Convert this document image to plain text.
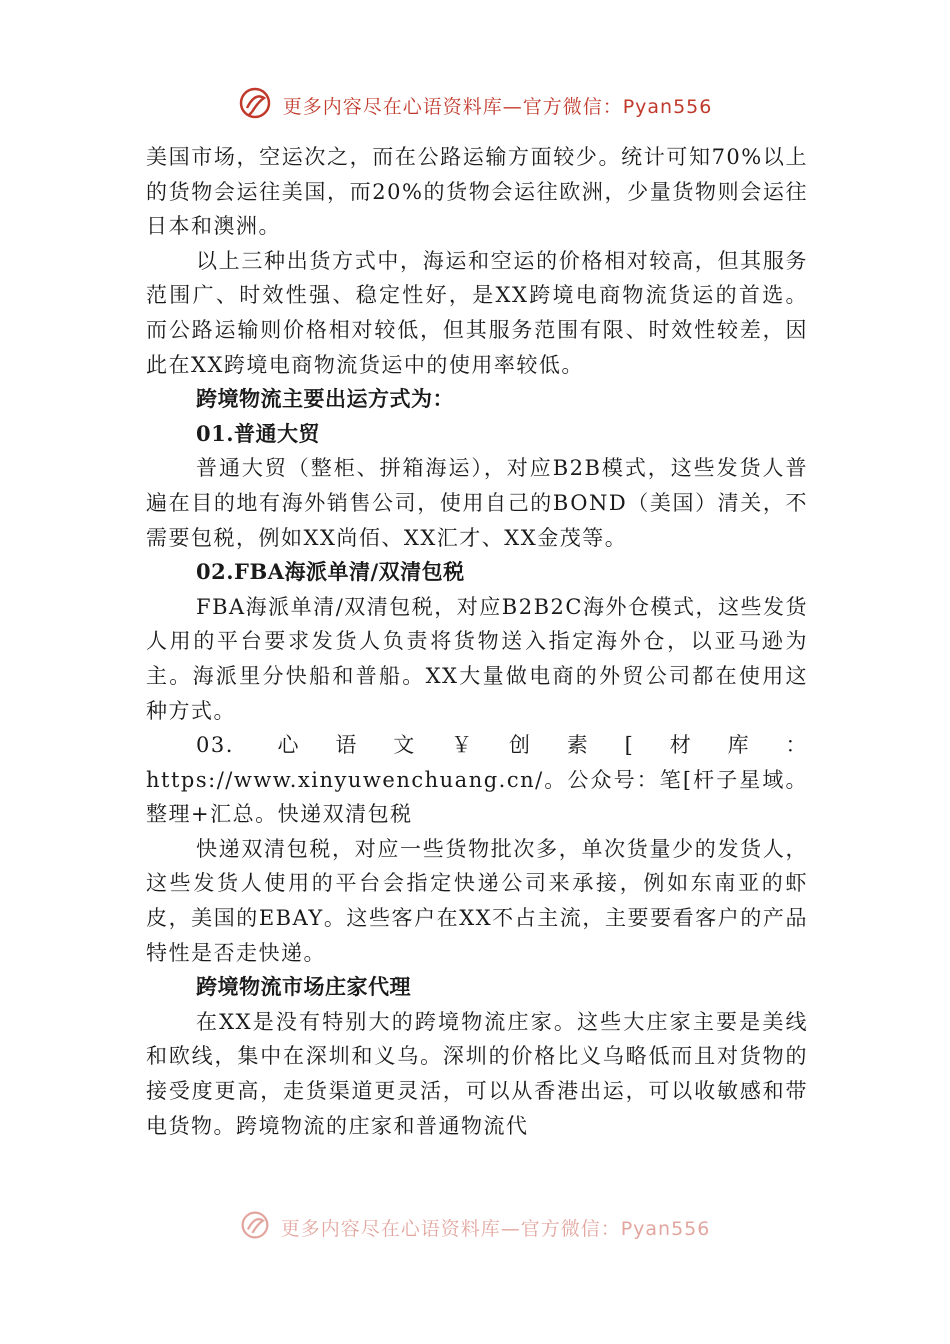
更多内容尽在心语资料库—官方微信：Pyan556

美国市场，空运次之，而在公路运输方面较少。统计可知70%以上的货物会运往美国，而20%的货物会运往欧洲，少量货物则会运往日本和澳洲。

以上三种出货方式中，海运和空运的价格相对较高，但其服务范围广、时效性强、稳定性好，是XX跨境电商物流货运的首选。而公路运输则价格相对较低，但其服务范围有限、时效性较差，因此在XX跨境电商物流货运中的使用率较低。

跨境物流主要出运方式为：

01.普通大贸

普通大贸（整柜、拼箱海运），对应B2B模式，这些发货人普遍在目的地有海外销售公司，使用自己的BOND（美国）清关，不需要包税，例如XX尚佰、XX汇才、XX金茂等。

02.FBA海派单清/双清包税

FBA海派单清/双清包税，对应B2B2C海外仓模式，这些发货人用的平台要求发货人负责将货物送入指定海外仓，以亚马逊为主。海派里分快船和普船。XX大量做电商的外贸公司都在使用这种方式。

03. 心语文￥创素[材库：https://www.xinyuwenchuang.cn/。公众号：笔[杆子星域。整理+汇总。快递双清包税

快递双清包税，对应一些货物批次多，单次货量少的发货人，这些发货人使用的平台会指定快递公司来承接，例如东南亚的虾皮，美国的EBAY。这些客户在XX不占主流，主要要看客户的产品特性是否走快递。

跨境物流市场庄家代理

在XX是没有特别大的跨境物流庄家。这些大庄家主要是美线和欧线，集中在深圳和义乌。深圳的价格比义乌略低而且对货物的接受度更高，走货渠道更灵活，可以从香港出运，可以收敏感和带电货物。跨境物流的庄家和普通物流代

更多内容尽在心语资料库—官方微信：Pyan556
